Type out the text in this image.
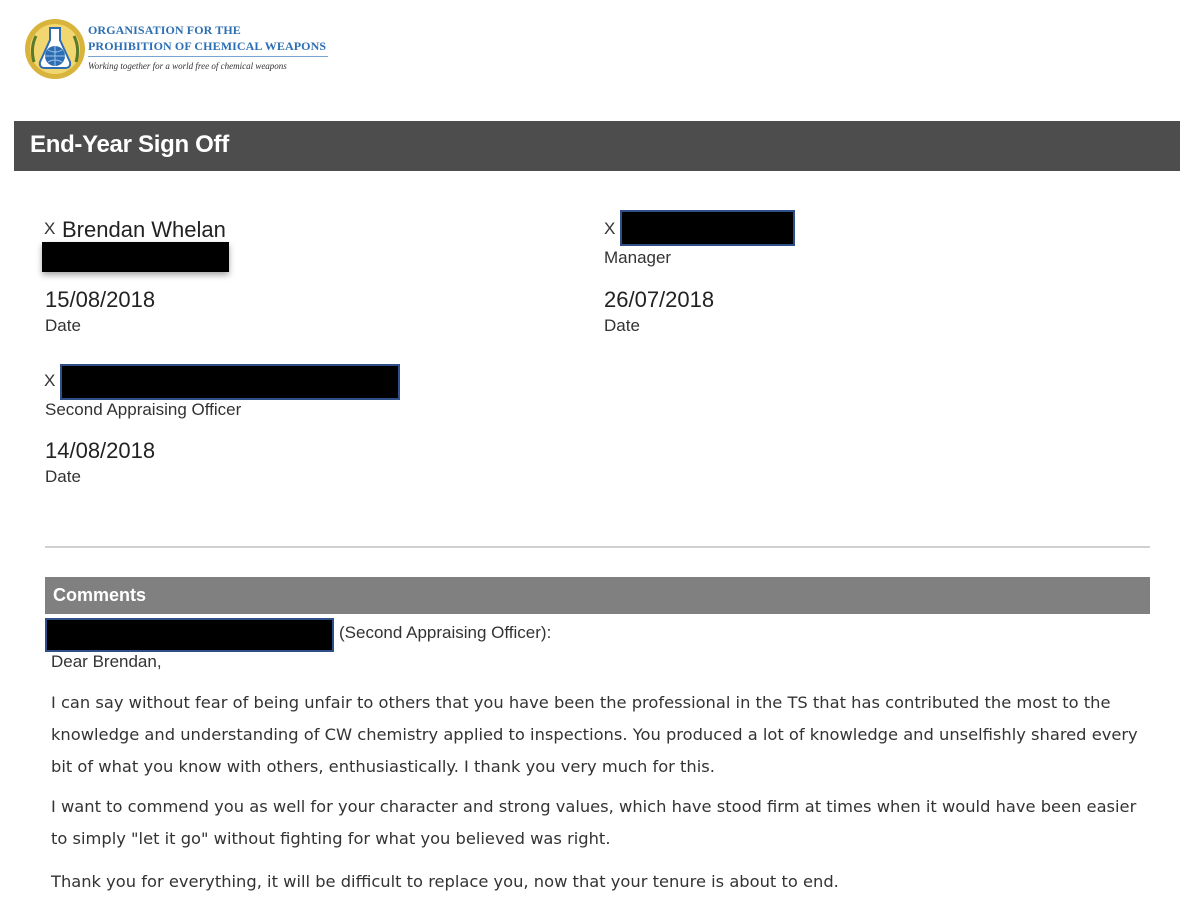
ORGANISATION FOR THE
PROHIBITION OF CHEMICAL WEAPONS
Working together for a world free of chemical weapons
End-Year Sign Off
X Brendan Whelan
15/08/2018
Date
X
Manager
26/07/2018
Date
X
Second Appraising Officer
14/08/2018
Date
Comments
(Second Appraising Officer):
Dear Brendan,

I can say without fear of being unfair to others that you have been the professional in the TS that has contributed the most to the knowledge and understanding of CW chemistry applied to inspections. You produced a lot of knowledge and unselfishly shared every bit of what you know with others, enthusiastically. I thank you very much for this.

I want to commend you as well for your character and strong values, which have stood firm at times when it would have been easier to simply "let it go" without fighting for what you believed was right.

Thank you for everything, it will be difficult to replace you, now that your tenure is about to end.
